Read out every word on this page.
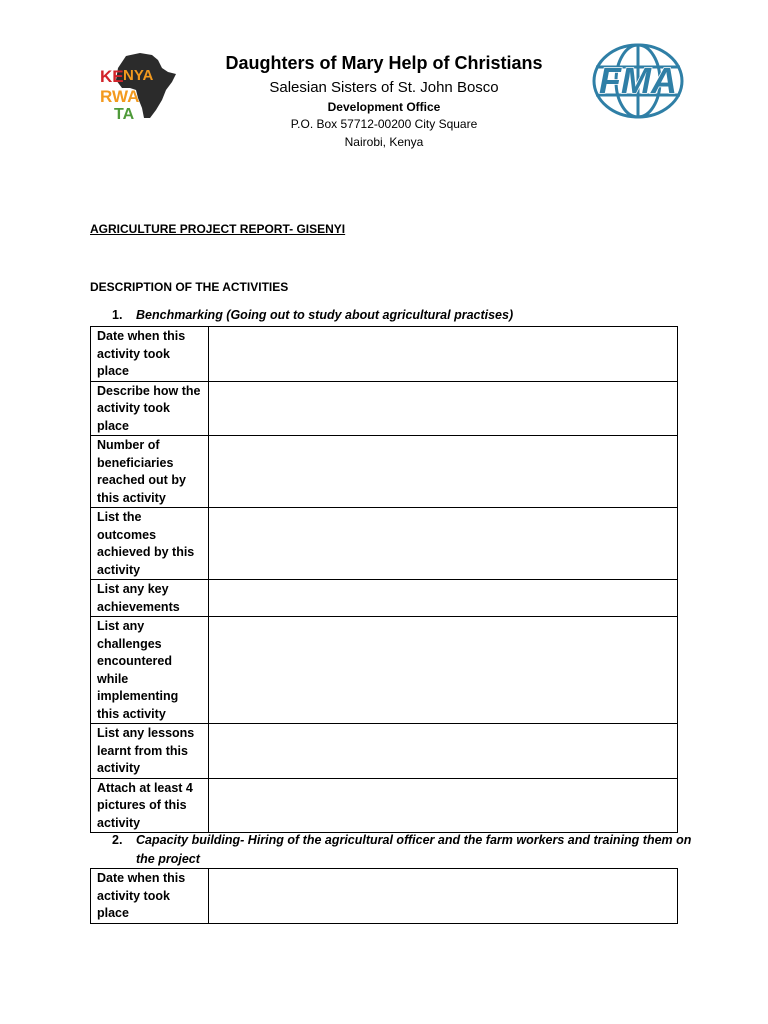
KE NYA
RWA
TA
FMA
Daughters of Mary Help of Christians
Salesian Sisters of St. John Bosco
Development Office
P.O. Box 57712-00200 City Square
Nairobi, Kenya
AGRICULTURE PROJECT REPORT- GISENYI
DESCRIPTION OF THE ACTIVITIES
1. Benchmarking (Going out to study about agricultural practises)
Date when this activity took place	
Describe how the activity took place	
Number of beneficiaries reached out by this activity	
List the outcomes achieved by this activity	
List any key achievements	
List any challenges encountered while implementing this activity	
List any lessons learnt from this activity	
Attach at least 4 pictures of this activity	
2. Capacity building- Hiring of the agricultural officer and the farm workers and training them on
the project
Date when this activity took place	
